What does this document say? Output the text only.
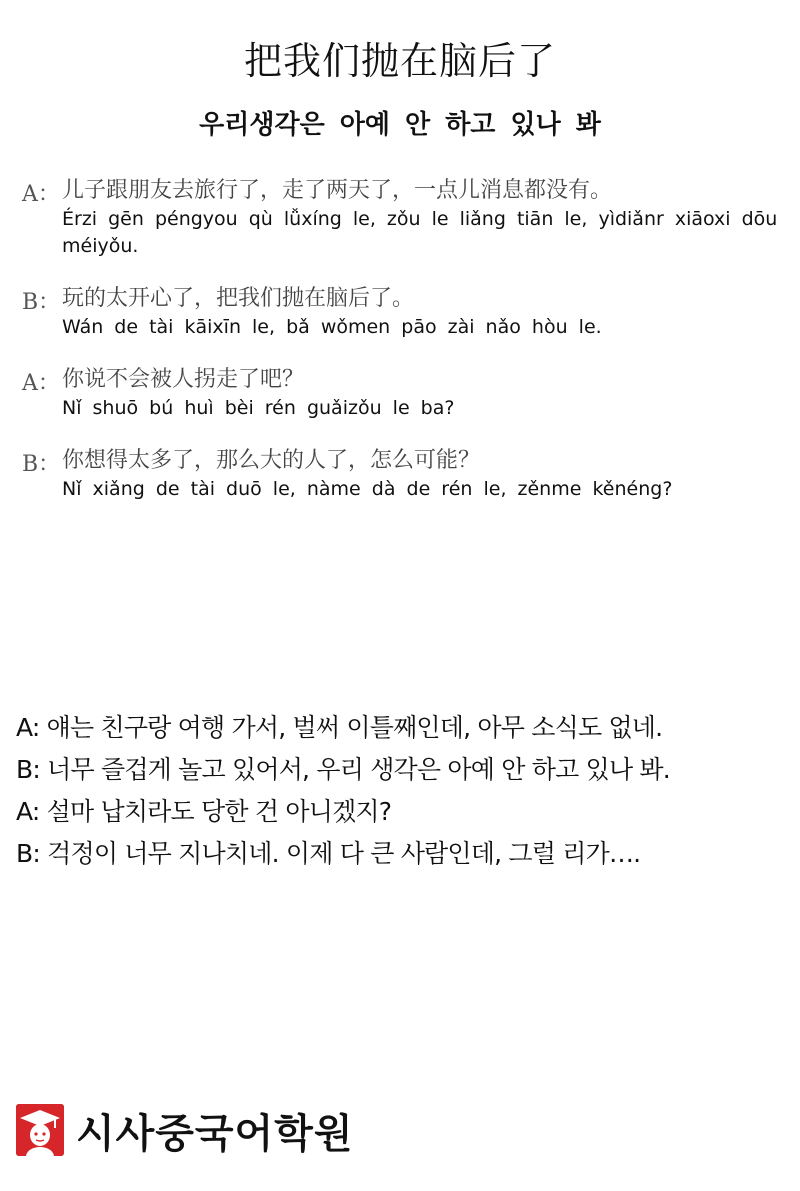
把我们抛在脑后了
우리생각은 아예 안 하고 있나 봐
A： 儿子跟朋友去旅行了，走了两天了，一点儿消息都没有。
Érzi gēn péngyou qù lǚxíng le, zǒu le liǎng tiān le, yìdiǎnr xiāoxi dōu méiyǒu.
B： 玩的太开心了，把我们抛在脑后了。
Wán de tài kāixīn le, bǎ wǒmen pāo zài nǎo hòu le.
A： 你说不会被人拐走了吧？
Nǐ shuō bú huì bèi rén guǎizǒu le ba?
B： 你想得太多了，那么大的人了，怎么可能？
Nǐ xiǎng de tài duō le, nàme dà de rén le, zěnme kěnéng?
A: 얘는 친구랑 여행 가서, 벌써 이틀째인데, 아무 소식도 없네.
B: 너무 즐겁게 놀고 있어서, 우리 생각은 아예 안 하고 있나 봐.
A: 설마 납치라도 당한 건 아니겠지?
B: 걱정이 너무 지나치네. 이제 다 큰 사람인데, 그럴 리가….
시사중국어학원
